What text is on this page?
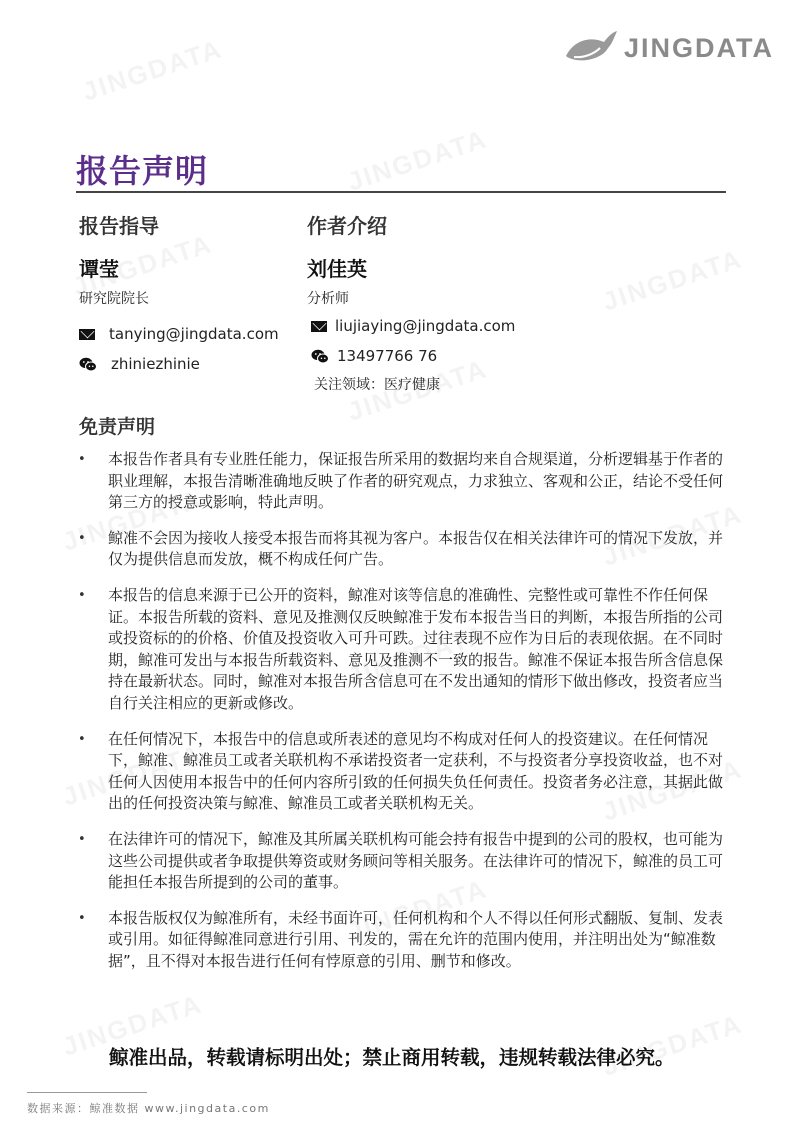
JINGDATA
报告声明
报告指导
谭莹
研究院院长
tanying@jingdata.com
zhiniezhinie
作者介绍
刘佳英
分析师
liujiaying@jingdata.com
13497766 76
关注领域：医疗健康
免责声明
• 本报告作者具有专业胜任能力，保证报告所采用的数据均来自合规渠道，分析逻辑基于作者的职业理解，本报告清晰准确地反映了作者的研究观点，力求独立、客观和公正，结论不受任何第三方的授意或影响，特此声明。
• 鲸准不会因为接收人接受本报告而将其视为客户。本报告仅在相关法律许可的情况下发放，并仅为提供信息而发放，概不构成任何广告。
• 本报告的信息来源于已公开的资料，鲸准对该等信息的准确性、完整性或可靠性不作任何保证。本报告所载的资料、意见及推测仅反映鲸准于发布本报告当日的判断，本报告所指的公司或投资标的的价格、价值及投资收入可升可跌。过往表现不应作为日后的表现依据。在不同时期，鲸准可发出与本报告所载资料、意见及推测不一致的报告。鲸准不保证本报告所含信息保持在最新状态。同时，鲸准对本报告所含信息可在不发出通知的情形下做出修改，投资者应当自行关注相应的更新或修改。
• 在任何情况下，本报告中的信息或所表述的意见均不构成对任何人的投资建议。在任何情况下，鲸准、鲸准员工或者关联机构不承诺投资者一定获利，不与投资者分享投资收益，也不对任何人因使用本报告中的任何内容所引致的任何损失负任何责任。投资者务必注意，其据此做出的任何投资决策与鲸准、鲸准员工或者关联机构无关。
• 在法律许可的情况下，鲸准及其所属关联机构可能会持有报告中提到的公司的股权，也可能为这些公司提供或者争取提供筹资或财务顾问等相关服务。在法律许可的情况下，鲸准的员工可能担任本报告所提到的公司的董事。
• 本报告版权仅为鲸准所有，未经书面许可，任何机构和个人不得以任何形式翻版、复制、发表或引用。如征得鲸准同意进行引用、刊发的，需在允许的范围内使用，并注明出处为“鲸准数据”，且不得对本报告进行任何有悖原意的引用、删节和修改。

鲸准出品，转载请标明出处；禁止商用转载，违规转载法律必究。

数据来源：鲸准数据 www.jingdata.com
